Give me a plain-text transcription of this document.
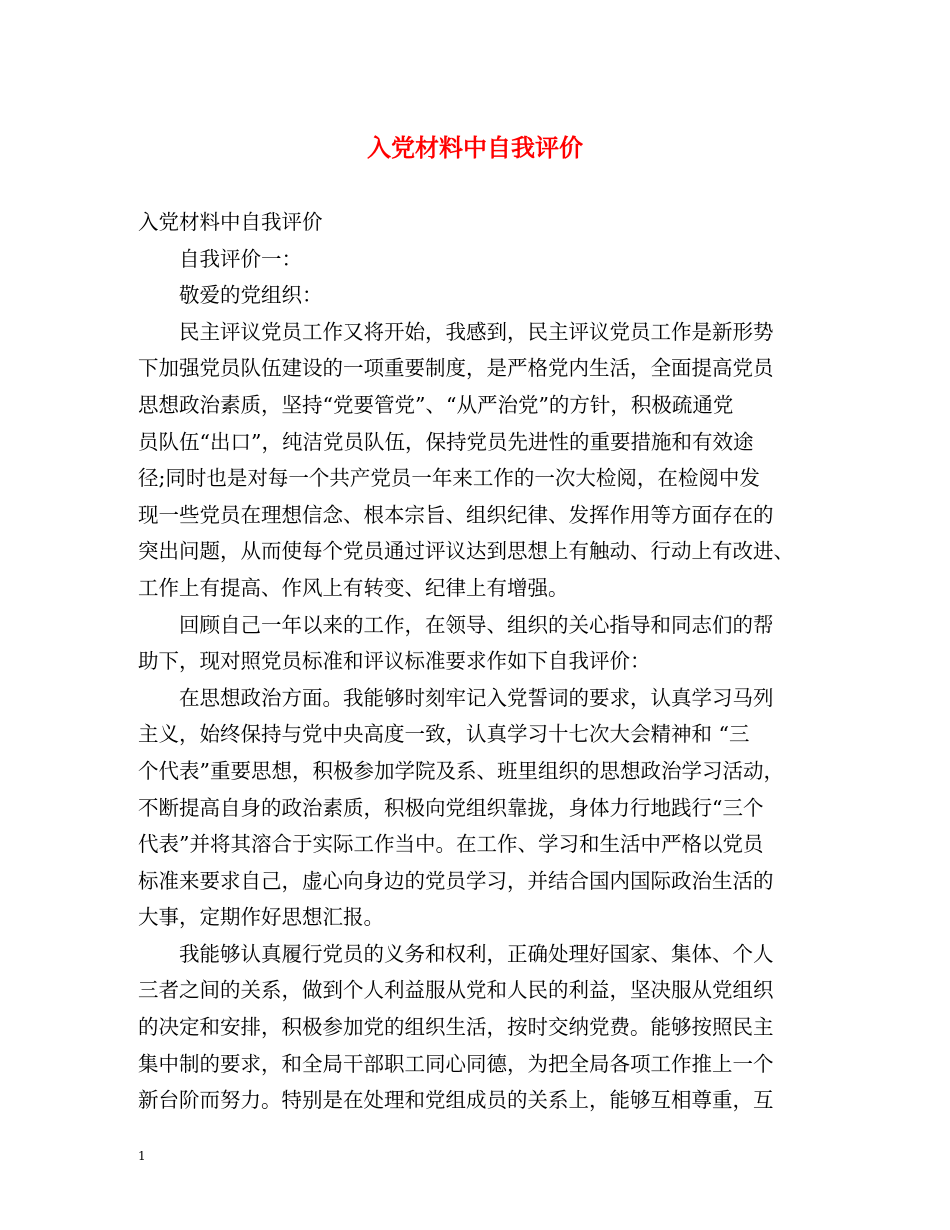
入党材料中自我评价

入党材料中自我评价

　　自我评价一：

　　敬爱的党组织：

　　民主评议党员工作又将开始，我感到，民主评议党员工作是新形势
下加强党员队伍建设的一项重要制度，是严格党内生活，全面提高党员
思想政治素质，坚持“党要管党”、“从严治党”的方针，积极疏通党
员队伍“出口”，纯洁党员队伍，保持党员先进性的重要措施和有效途
径;同时也是对每一个共产党员一年来工作的一次大检阅，在检阅中发
现一些党员在理想信念、根本宗旨、组织纪律、发挥作用等方面存在的
突出问题，从而使每个党员通过评议达到思想上有触动、行动上有改进、
工作上有提高、作风上有转变、纪律上有增强。

　　回顾自己一年以来的工作，在领导、组织的关心指导和同志们的帮
助下，现对照党员标准和评议标准要求作如下自我评价：

　　在思想政治方面。我能够时刻牢记入党誓词的要求，认真学习马列
主义，始终保持与党中央高度一致，认真学习十七次大会精神和 “三
个代表”重要思想，积极参加学院及系、班里组织的思想政治学习活动，
不断提高自身的政治素质，积极向党组织靠拢，身体力行地践行“三个
代表”并将其溶合于实际工作当中。在工作、学习和生活中严格以党员
标准来要求自己，虚心向身边的党员学习，并结合国内国际政治生活的
大事，定期作好思想汇报。

　　我能够认真履行党员的义务和权利，正确处理好国家、集体、个人
三者之间的关系，做到个人利益服从党和人民的利益，坚决服从党组织
的决定和安排，积极参加党的组织生活，按时交纳党费。能够按照民主
集中制的要求，和全局干部职工同心同德，为把全局各项工作推上一个
新台阶而努力。特别是在处理和党组成员的关系上，能够互相尊重，互

1
